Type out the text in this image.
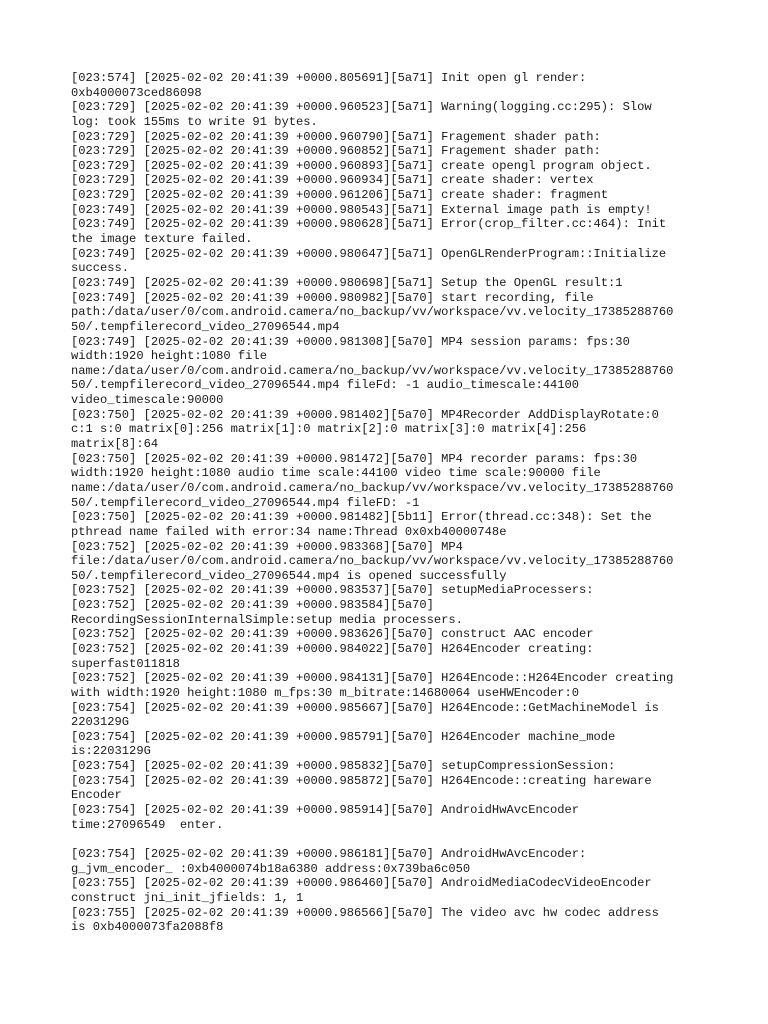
[023:574] [2025-02-02 20:41:39 +0000.805691][5a71] Init open gl render:
0xb4000073ced86098
[023:729] [2025-02-02 20:41:39 +0000.960523][5a71] Warning(logging.cc:295): Slow
log: took 155ms to write 91 bytes.
[023:729] [2025-02-02 20:41:39 +0000.960790][5a71] Fragement shader path:
[023:729] [2025-02-02 20:41:39 +0000.960852][5a71] Fragement shader path:
[023:729] [2025-02-02 20:41:39 +0000.960893][5a71] create opengl program object.
[023:729] [2025-02-02 20:41:39 +0000.960934][5a71] create shader: vertex
[023:729] [2025-02-02 20:41:39 +0000.961206][5a71] create shader: fragment
[023:749] [2025-02-02 20:41:39 +0000.980543][5a71] External image path is empty!
[023:749] [2025-02-02 20:41:39 +0000.980628][5a71] Error(crop_filter.cc:464): Init
the image texture failed.
[023:749] [2025-02-02 20:41:39 +0000.980647][5a71] OpenGLRenderProgram::Initialize
success.
[023:749] [2025-02-02 20:41:39 +0000.980698][5a71] Setup the OpenGL result:1
[023:749] [2025-02-02 20:41:39 +0000.980982][5a70] start recording, file
path:/data/user/0/com.android.camera/no_backup/vv/workspace/vv.velocity_17385288760
50/.tempfilerecord_video_27096544.mp4
[023:749] [2025-02-02 20:41:39 +0000.981308][5a70] MP4 session params: fps:30
width:1920 height:1080 file
name:/data/user/0/com.android.camera/no_backup/vv/workspace/vv.velocity_17385288760
50/.tempfilerecord_video_27096544.mp4 fileFd: -1 audio_timescale:44100
video_timescale:90000
[023:750] [2025-02-02 20:41:39 +0000.981402][5a70] MP4Recorder AddDisplayRotate:0
c:1 s:0 matrix[0]:256 matrix[1]:0 matrix[2]:0 matrix[3]:0 matrix[4]:256
matrix[8]:64
[023:750] [2025-02-02 20:41:39 +0000.981472][5a70] MP4 recorder params: fps:30
width:1920 height:1080 audio time scale:44100 video time scale:90000 file
name:/data/user/0/com.android.camera/no_backup/vv/workspace/vv.velocity_17385288760
50/.tempfilerecord_video_27096544.mp4 fileFD: -1
[023:750] [2025-02-02 20:41:39 +0000.981482][5b11] Error(thread.cc:348): Set the
pthread name failed with error:34 name:Thread 0x0xb40000748e
[023:752] [2025-02-02 20:41:39 +0000.983368][5a70] MP4
file:/data/user/0/com.android.camera/no_backup/vv/workspace/vv.velocity_17385288760
50/.tempfilerecord_video_27096544.mp4 is opened successfully
[023:752] [2025-02-02 20:41:39 +0000.983537][5a70] setupMediaProcessers:
[023:752] [2025-02-02 20:41:39 +0000.983584][5a70]
RecordingSessionInternalSimple:setup media processers.
[023:752] [2025-02-02 20:41:39 +0000.983626][5a70] construct AAC encoder
[023:752] [2025-02-02 20:41:39 +0000.984022][5a70] H264Encoder creating:
superfast011818
[023:752] [2025-02-02 20:41:39 +0000.984131][5a70] H264Encode::H264Encoder creating
with width:1920 height:1080 m_fps:30 m_bitrate:14680064 useHWEncoder:0
[023:754] [2025-02-02 20:41:39 +0000.985667][5a70] H264Encode::GetMachineModel is
2203129G
[023:754] [2025-02-02 20:41:39 +0000.985791][5a70] H264Encoder machine_mode
is:2203129G
[023:754] [2025-02-02 20:41:39 +0000.985832][5a70] setupCompressionSession:
[023:754] [2025-02-02 20:41:39 +0000.985872][5a70] H264Encode::creating hareware
Encoder
[023:754] [2025-02-02 20:41:39 +0000.985914][5a70] AndroidHwAvcEncoder
time:27096549  enter.
[023:754] [2025-02-02 20:41:39 +0000.986181][5a70] AndroidHwAvcEncoder:
g_jvm_encoder_ :0xb4000074b18a6380 address:0x739ba6c050
[023:755] [2025-02-02 20:41:39 +0000.986460][5a70] AndroidMediaCodecVideoEncoder
construct jni_init_jfields: 1, 1
[023:755] [2025-02-02 20:41:39 +0000.986566][5a70] The video avc hw codec address
is 0xb4000073fa2088f8
